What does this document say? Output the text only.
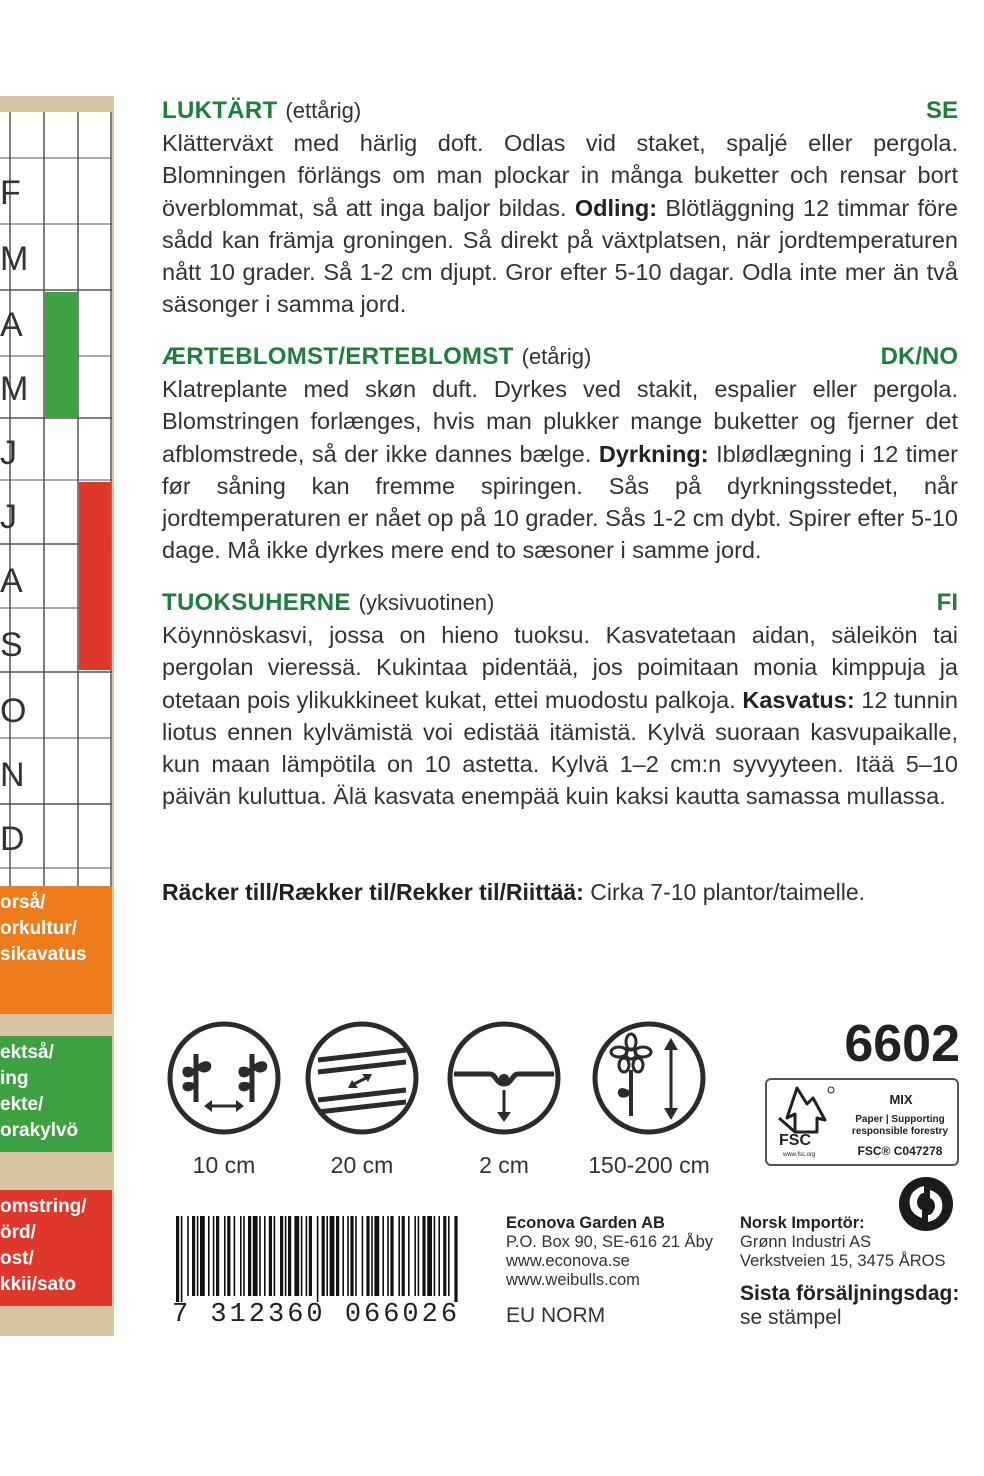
F
M
A
M
J
J
A
S
O
N
D
orså/
orkultur/
sikavatus
ektså/
ing
ekte/
orakylvö
omstring/
örd/
ost/
kkii/sato
LUKTÄRT (ettårig)	SE

Klätterväxt med härlig doft. Odlas vid staket, spaljé eller pergola. Blomningen förlängs om man plockar in många buketter och rensar bort överblommat, så att inga baljor bildas. Odling: Blötläggning 12 timmar före sådd kan främja groningen. Så direkt på växtplatsen, när jordtemperaturen nått 10 grader. Så 1-2 cm djupt. Gror efter 5-10 dagar. Odla inte mer än två säsonger i samma jord.

ÆRTEBLOMST/ERTEBLOMST (etårig)	DK/NO

Klatreplante med skøn duft. Dyrkes ved stakit, espalier eller pergola. Blomstringen forlænges, hvis man plukker mange buketter og fjerner det afblomstrede, så der ikke dannes bælge. Dyrkning: Iblødlægning i 12 timer før såning kan fremme spiringen. Sås på dyrkningsstedet, når jordtemperaturen er nået op på 10 grader. Sås 1-2 cm dybt. Spirer efter 5-10 dage. Må ikke dyrkes mere end to sæsoner i samme jord.

TUOKSUHERNE (yksivuotinen)	FI

Köynnöskasvi, jossa on hieno tuoksu. Kasvatetaan aidan, säleikön tai pergolan vieressä. Kukintaa pidentää, jos poimitaan monia kimppuja ja otetaan pois ylikukkineet kukat, ettei muodostu palkoja. Kasvatus: 12 tunnin liotus ennen kylvämistä voi edistää itämistä. Kylvä suoraan kasvupaikalle, kun maan lämpötila on 10 astetta. Kylvä 1–2 cm:n syvyyteen. Itää 5–10 päivän kuluttua. Älä kasvata enempää kuin kaksi kautta samassa mullassa.

Räcker till/Rækker til/Rekker til/Riittää: Cirka 7-10 plantor/taimelle.
10 cm	20 cm	2 cm	150-200 cm
6602
FSC
www.fsc.org
MIX
Paper | Supporting
responsible forestry
FSC® C047278
7 312360 066026
Econova Garden AB
P.O. Box 90, SE-616 21 Åby
www.econova.se
www.weibulls.com
EU NORM
Norsk Importör:
Grønn Industri AS
Verkstveien 15, 3475 ÅROS
Sista försäljningsdag:
se stämpel
